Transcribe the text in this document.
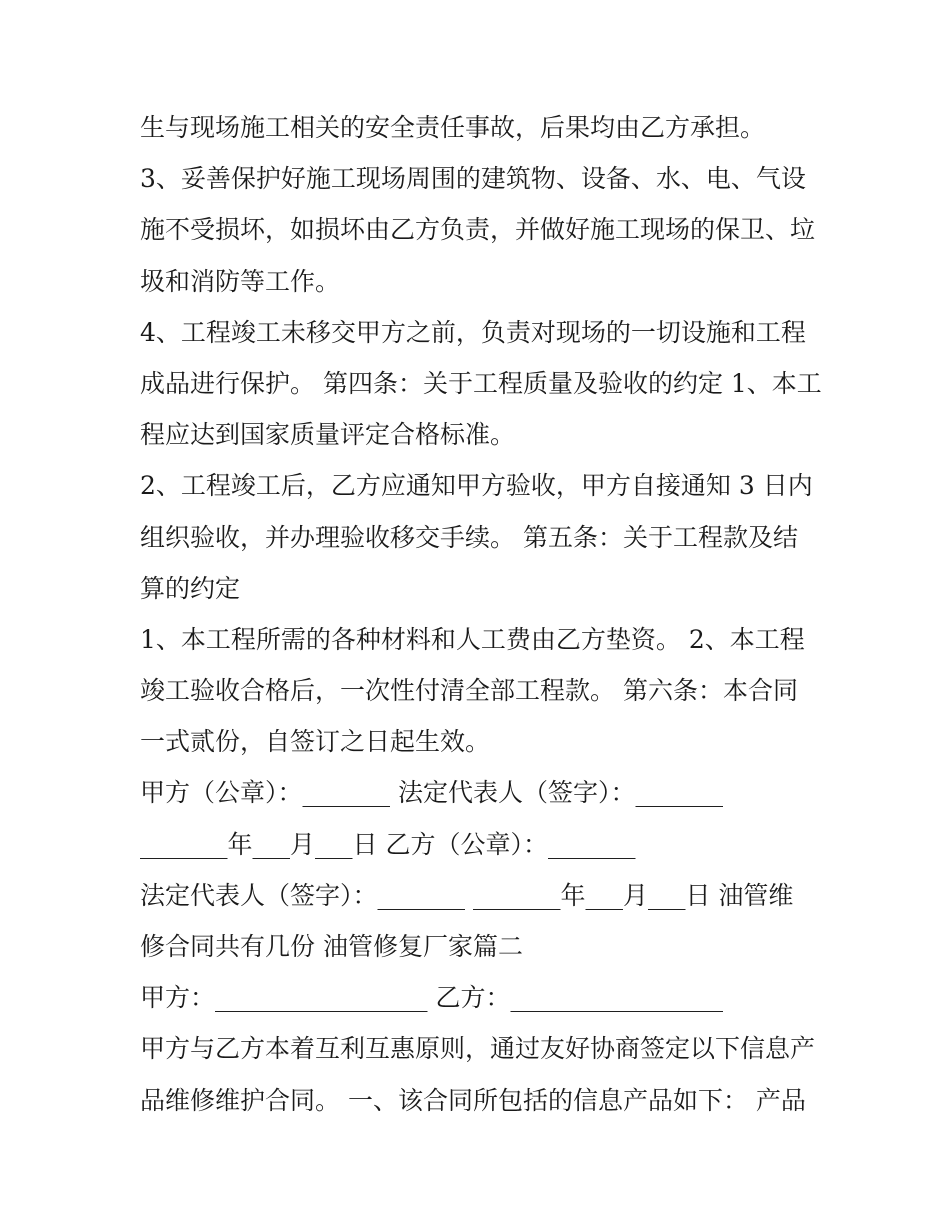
生与现场施工相关的安全责任事故，后果均由乙方承担。
3、妥善保护好施工现场周围的建筑物、设备、水、电、气设
施不受损坏，如损坏由乙方负责，并做好施工现场的保卫、垃
圾和消防等工作。
4、工程竣工未移交甲方之前，负责对现场的一切设施和工程
成品进行保护。 第四条：关于工程质量及验收的约定 1、本工
程应达到国家质量评定合格标准。
2、工程竣工后，乙方应通知甲方验收，甲方自接通知 3 日内
组织验收，并办理验收移交手续。 第五条：关于工程款及结
算的约定
1、本工程所需的各种材料和人工费由乙方垫资。 2、本工程
竣工验收合格后，一次性付清全部工程款。 第六条：本合同
一式贰份，自签订之日起生效。
甲方（公章）：_______ 法定代表人（签字）：_______
_______年___月___日 乙方（公章）：_______
法定代表人（签字）：_______ _______年___月___日 油管维
修合同共有几份 油管修复厂家篇二
甲方：_________________ 乙方：_________________
甲方与乙方本着互利互惠原则，通过友好协商签定以下信息产
品维修维护合同。 一、该合同所包括的信息产品如下： 产品
